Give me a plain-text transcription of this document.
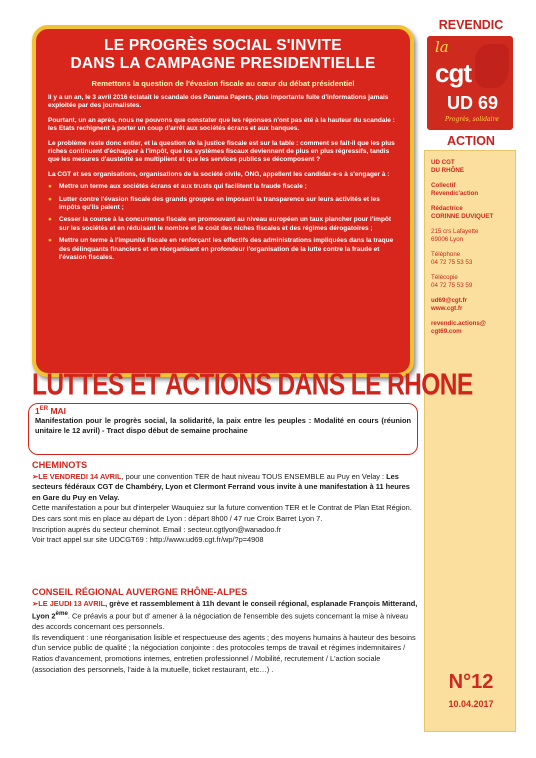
LE PROGRÈS SOCIAL S'INVITE
DANS LA CAMPAGNE PRESIDENTIELLE
Remettons la question de l'évasion fiscale au cœur du débat présidentiel
Il y a un an, le 3 avril 2016 éclatait le scandale des Panama Papers, plus importante fuite d'informations jamais exploitée par des journalistes.
Pourtant, un an après, nous ne pouvons que constater que les réponses n'ont pas été à la hauteur du scandale : les Etats rechignent à porter un coup d'arrêt aux sociétés écrans et aux banques.
Le problème reste donc entier, et la question de la justice fiscale est sur la table : comment se fait-il que les plus riches continuent d'échapper à l'impôt, que les systèmes fiscaux deviennent de plus en plus régressifs, tandis que les mesures d'austérité se multiplient et que les services publics se décomposent ?
La CGT et ses organisations, organisations de la société civile, ONG, appellent les candidat-e-s à s'engager à :
● Mettre un terme aux sociétés écrans et aux trusts qui facilitent la fraude fiscale ;
● Lutter contre l'évasion fiscale des grands groupes en imposant la transparence sur leurs activités et les impôts qu'ils paient ;
● Cesser la course à la concurrence fiscale en promouvant au niveau européen un taux plancher pour l'impôt sur les sociétés et en réduisant le nombre et le coût des niches fiscales et des régimes dérogatoires ;
● Mettre un terme à l'impunité fiscale en renforçant les effectifs des administrations impliquées dans la traque des délinquants financiers et en réorganisant en profondeur l'organisation de la lutte contre la fraude et l'évasion fiscales.
REVENDIC
la
cgt
UD 69
Progrès, solidaire
ACTION
UD CGT
DU RHÔNE
Collectif
Revendic'action
Rédactrice
CORINNE DUVIQUET
215 crs Lafayette
69006 Lyon
Téléphone
04 72 75 53 53
Télécopie
04 72 75 53 59
ud69@cgt.fr
www.cgt.fr
revendic.actions@
cgt69.com
N°12
10.04.2017
LUTTES ET ACTIONS DANS LE RHONE
1ER MAI
Manifestation pour le progrès social, la solidarité, la paix entre les peuples : Modalité en cours (réunion unitaire le 12 avril) - Tract dispo début de semaine prochaine
CHEMINOTS
➢LE VENDREDI 14 AVRIL, pour une convention TER de haut niveau TOUS ENSEMBLE au Puy en Velay : Les secteurs fédéraux CGT de Chambéry, Lyon et Clermont Ferrand vous invite à une manifestation à 11 heures en Gare du Puy en Velay.
Cette manifestation a pour but d'interpeler Wauquiez sur la future convention TER et le Contrat de Plan Etat Région. Des cars sont mis en place au départ de Lyon : départ 8h00 / 47 rue Croix Barret Lyon 7.
Inscription auprès du secteur cheminot. Email : secteur.cgtlyon@wanadoo.fr
Voir tract appel sur site UDCGT69 : http://www.ud69.cgt.fr/wp/?p=4908
CONSEIL RÉGIONAL AUVERGNE RHÔNE-ALPES
➢LE JEUDI 13 AVRIL, grève et rassemblement à 11h devant le conseil régional, esplanade François Mitterand, Lyon 2ème. Ce préavis a pour but d' amener à la négociation de l'ensemble des sujets concernant la mise à niveau des accords concernant ces personnels.
Ils revendiquent : une réorganisation lisible et respectueuse des agents ; des moyens humains à hauteur des besoins d'un service public de qualité ; la négociation conjointe : des protocoles temps de travail et régimes indemnitaires / Ratios d'avancement, promotions internes, entretien professionnel / Mobilité, recrutement / L'action sociale (association des personnels, l'aide à la mutuelle, ticket restaurant, etc…) .
